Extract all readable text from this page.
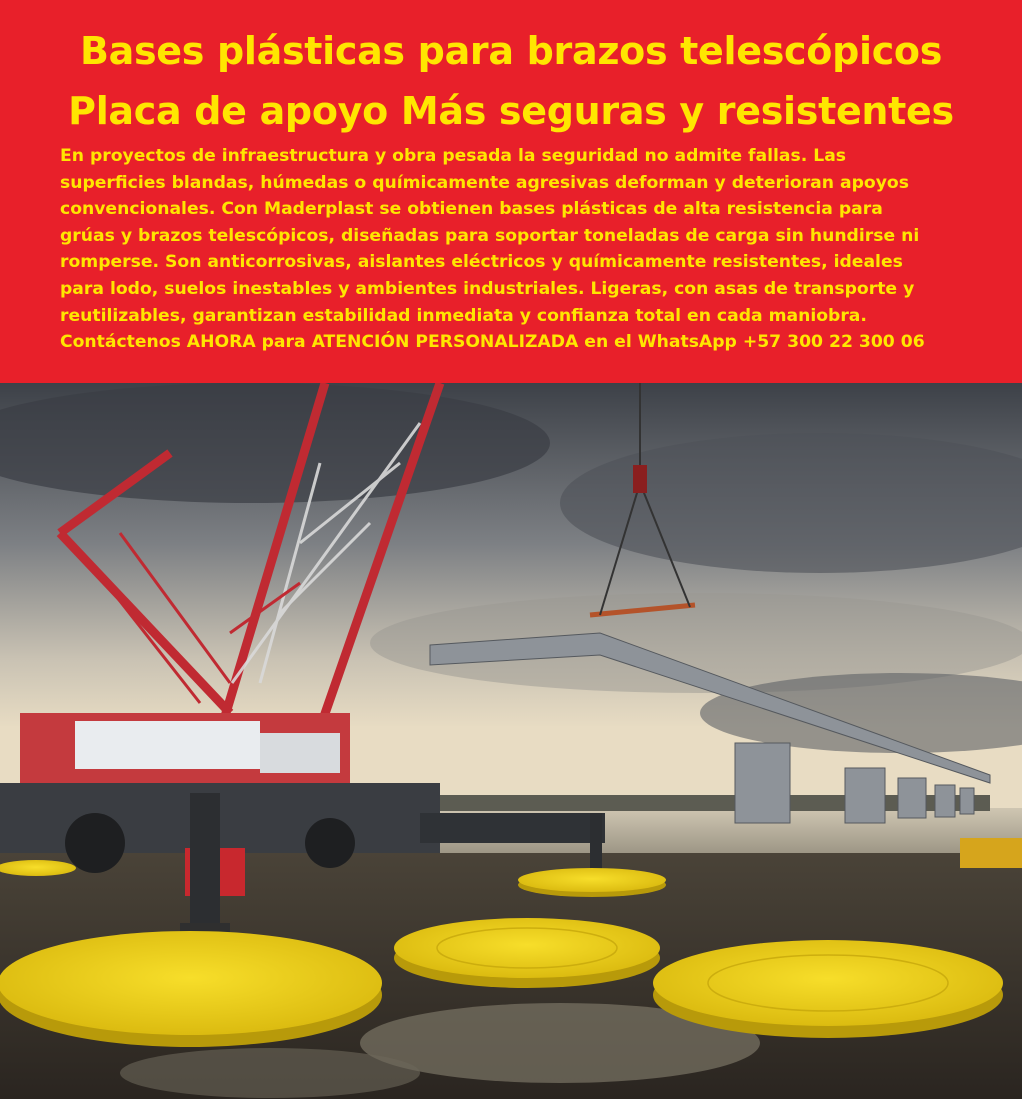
Bases plásticas para brazos telescópicos
Placa de apoyo Más seguras y resistentes

En proyectos de infraestructura y obra pesada la seguridad no admite fallas. Las
superficies blandas, húmedas o químicamente agresivas deforman y deterioran apoyos
convencionales. Con Maderplast se obtienen bases plásticas de alta resistencia para
grúas y brazos telescópicos, diseñadas para soportar toneladas de carga sin hundirse ni
romperse. Son anticorrosivas, aislantes eléctricos y químicamente resistentes, ideales
para lodo, suelos inestables y ambientes industriales. Ligeras, con asas de transporte y
reutilizables, garantizan estabilidad inmediata y confianza total en cada maniobra.
Contáctenos AHORA para ATENCIÓN PERSONALIZADA en el WhatsApp +57 300 22 300 06
